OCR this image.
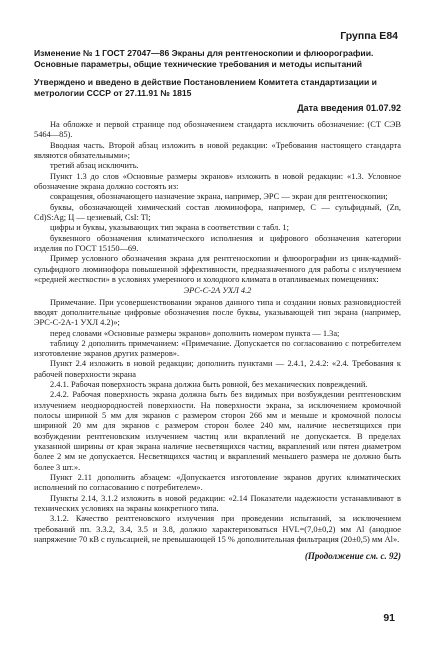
Группа Е84
Изменение № 1 ГОСТ 27047—86 Экраны для рентгеноскопии и флюорографии. Основные параметры, общие технические требования и методы испытаний
Утверждено и введено в действие Постановлением Комитета стандартизации и метрологии СССР от 27.11.91 № 1815
Дата введения 01.07.92

На обложке и первой странице под обозначением стандарта исключить обозначение: (СТ СЭВ 5464—85).

Вводная часть. Второй абзац изложить в новой редакции: «Требования настоящего стандарта являются обязательными»;

третий абзац исключить.

Пункт 1.3 до слов «Основные размеры экранов» изложить в новой редакции: «1.3. Условное обозначение экрана должно состоять из:

сокращения, обозначающего назначение экрана, например, ЭРС — экран для рентгеноскопии;

буквы, обозначающей химический состав люминофора, например, С — сульфидный, (Zn, Cd)S:Ag; Ц — цезиевый, CsI: Tl;

цифры и буквы, указывающих тип экрана в соответствии с табл. 1;

буквенного обозначения климатического исполнения и цифрового обозначения категории изделия по ГОСТ 15150—69.

Пример условного обозначения экрана для рентгеноскопии и флюорографии из цинк-кадмий-сульфидного люминофора повышенной эффективности, предназначенного для работы с излучением «средней жесткости» в условиях умеренного и холодного климата в отапливаемых помещениях:

ЭРС-С-2А УХЛ 4.2

Примечание. При усовершенствовании экранов данного типа и создании новых разновидностей вводят дополнительные цифровые обозначения после буквы, указывающей тип экрана (например, ЭРС-С-2А-1 УХЛ 4.2)»;

перед словами «Основные размеры экранов» дополнить номером пункта — 1.3а;

таблицу 2 дополнить примечанием: «Примечание. Допускается по согласованию с потребителем изготовление экранов других размеров».

Пункт 2.4 изложить в новой редакции; дополнить пунктами — 2.4.1, 2.4.2: «2.4. Требования к рабочей поверхности экрана

2.4.1. Рабочая поверхность экрана должна быть ровной, без механических повреждений.

2.4.2. Рабочая поверхность экрана должна быть без видимых при возбуждении рентгеновским излучением неоднородностей поверхности. На поверхности экрана, за исключением кромочной полосы шириной 5 мм для экранов с размером сторон 266 мм и меньше и кромочной полосы шириной 20 мм для экранов с размером сторон более 240 мм, наличие несветящихся при возбуждении рентгеновским излучением частиц или вкраплений не допускается. В пределах указанной ширины от края экрана наличие несветящихся частиц, вкраплений или пятен диаметром более 2 мм не допускается. Несветящихся частиц и вкраплений меньшего размера не должно быть более 3 шт.».

Пункт 2.11 дополнить абзацем: «Допускается изготовление экранов других климатических исполнений по согласованию с потребителем».

Пункты 2.14, 3.1.2 изложить в новой редакции: «2.14 Показатели надежности устанавливают в технических условиях на экраны конкретного типа.

3.1.2. Качество рентгеновского излучения при проведении испытаний, за исключением требований пп. 3.3.2, 3.4, 3.5 и 3.8, должно характеризоваться HVL=(7,0±0,2) мм Al (анодное напряжение 70 кВ с пульсацией, не превышающей 15 % дополнительная фильтрация (20±0,5) мм Al».

(Продолжение см. с. 92)
91
